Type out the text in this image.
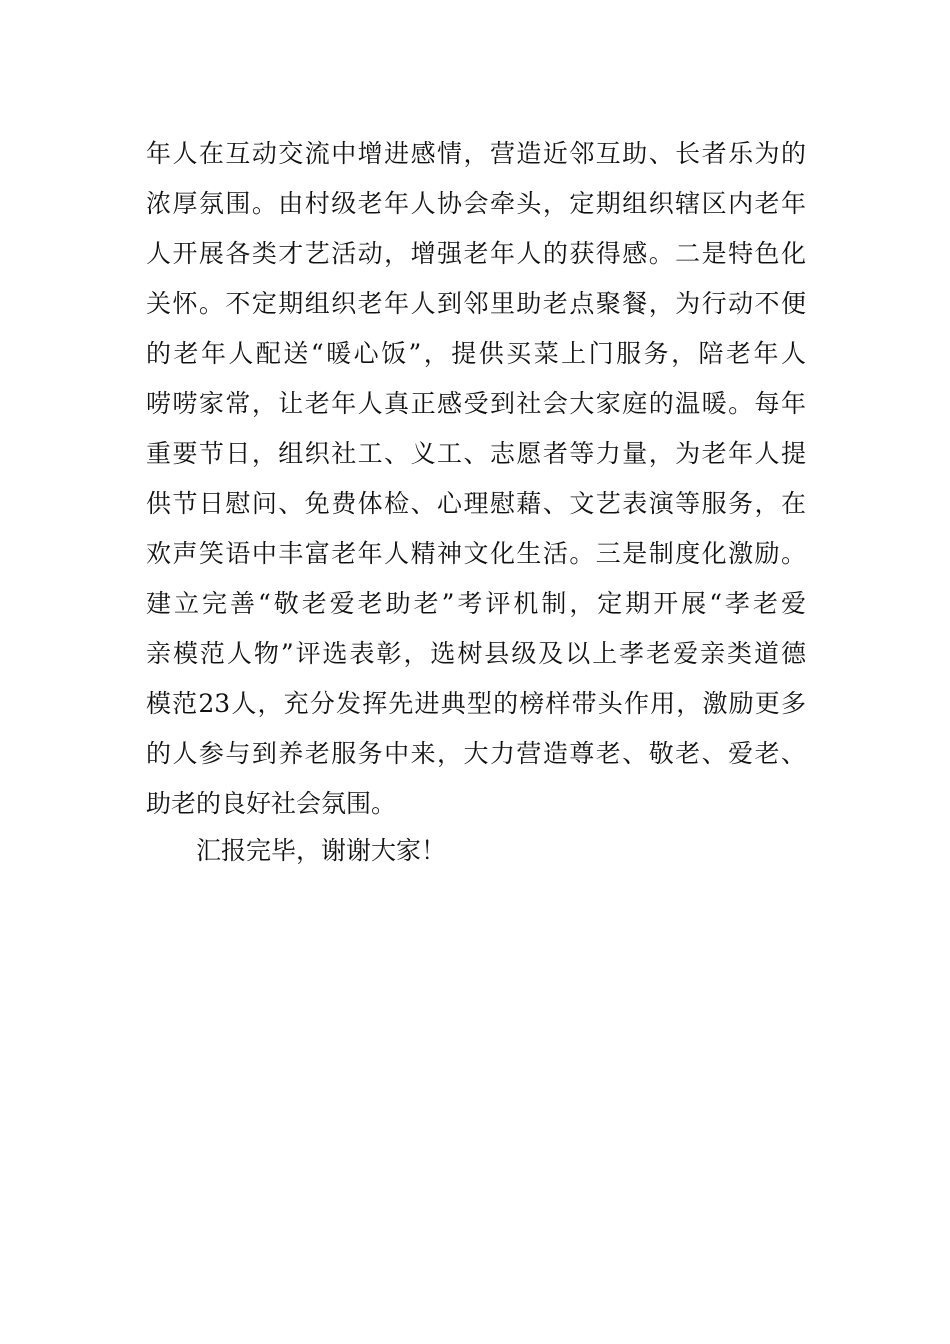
年人在互动交流中增进感情，营造近邻互助、长者乐为的
浓厚氛围。由村级老年人协会牵头，定期组织辖区内老年
人开展各类才艺活动，增强老年人的获得感。二是特色化
关怀。不定期组织老年人到邻里助老点聚餐，为行动不便
的老年人配送“暖心饭”，提供买菜上门服务，陪老年人
唠唠家常，让老年人真正感受到社会大家庭的温暖。每年
重要节日，组织社工、义工、志愿者等力量，为老年人提
供节日慰问、免费体检、心理慰藉、文艺表演等服务，在
欢声笑语中丰富老年人精神文化生活。三是制度化激励。
建立完善“敬老爱老助老”考评机制，定期开展“孝老爱
亲模范人物”评选表彰，选树县级及以上孝老爱亲类道德
模范23人，充分发挥先进典型的榜样带头作用，激励更多
的人参与到养老服务中来，大力营造尊老、敬老、爱老、
助老的良好社会氛围。
汇报完毕，谢谢大家！
